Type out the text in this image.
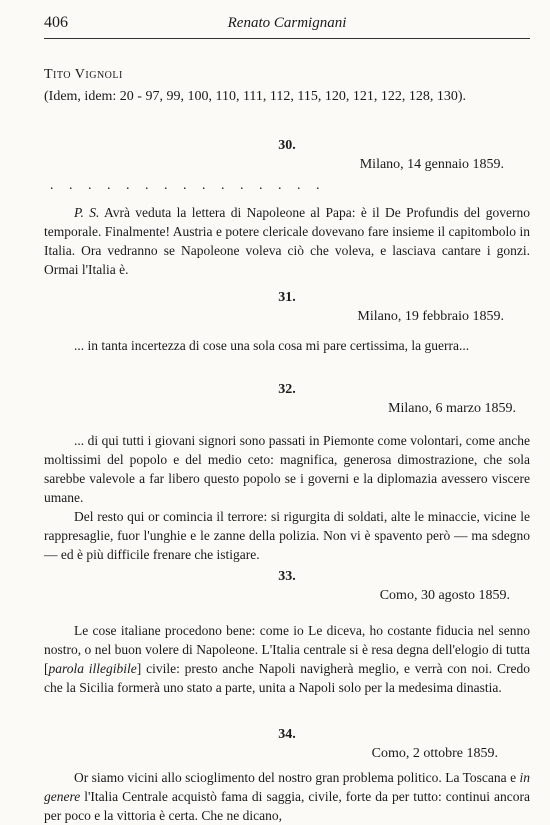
406	Renato Carmignani
Tito Vignoli
(Idem, idem: 20 - 97, 99, 100, 110, 111, 112, 115, 120, 121, 122, 128, 130).
30.
Milano, 14 gennaio 1859.
. . . . . . . . . . . . . . .

P. S. Avrà veduta la lettera di Napoleone al Papa: è il De Profundis del governo temporale. Finalmente! Austria e potere clericale dovevano fare insieme il capitombolo in Italia. Ora vedranno se Napoleone voleva ciò che voleva, e lasciava cantare i gonzi. Ormai l'Italia è.

31.
Milano, 19 febbraio 1859.

... in tanta incertezza di cose una sola cosa mi pare certissima, la guerra...

32.
Milano, 6 marzo 1859.

... di qui tutti i giovani signori sono passati in Piemonte come volontari, come anche moltissimi del popolo e del medio ceto: magnifica, generosa dimostrazione, che sola sarebbe valevole a far libero questo popolo se i governi e la diplomazia avessero viscere umane.

Del resto qui or comincia il terrore: si rigurgita di soldati, alte le minaccie, vicine le rappresaglie, fuor l'unghie e le zanne della polizia. Non vi è spavento però — ma sdegno — ed è più difficile frenare che istigare.

33.
Como, 30 agosto 1859.

Le cose italiane procedono bene: come io Le diceva, ho costante fiducia nel senno nostro, o nel buon volere di Napoleone. L'Italia centrale si è resa degna dell'elogio di tutta [parola illegibile] civile: presto anche Napoli navigherà meglio, e verrà con noi. Credo che la Sicilia formerà uno stato a parte, unita a Napoli solo per la medesima dinastia.

34.
Como, 2 ottobre 1859.

Or siamo vicini allo scioglimento del nostro gran problema politico. La Toscana e in genere l'Italia Centrale acquistò fama di saggia, civile, forte da per tutto: continui ancora per poco e la vittoria è certa. Che ne dicano,
